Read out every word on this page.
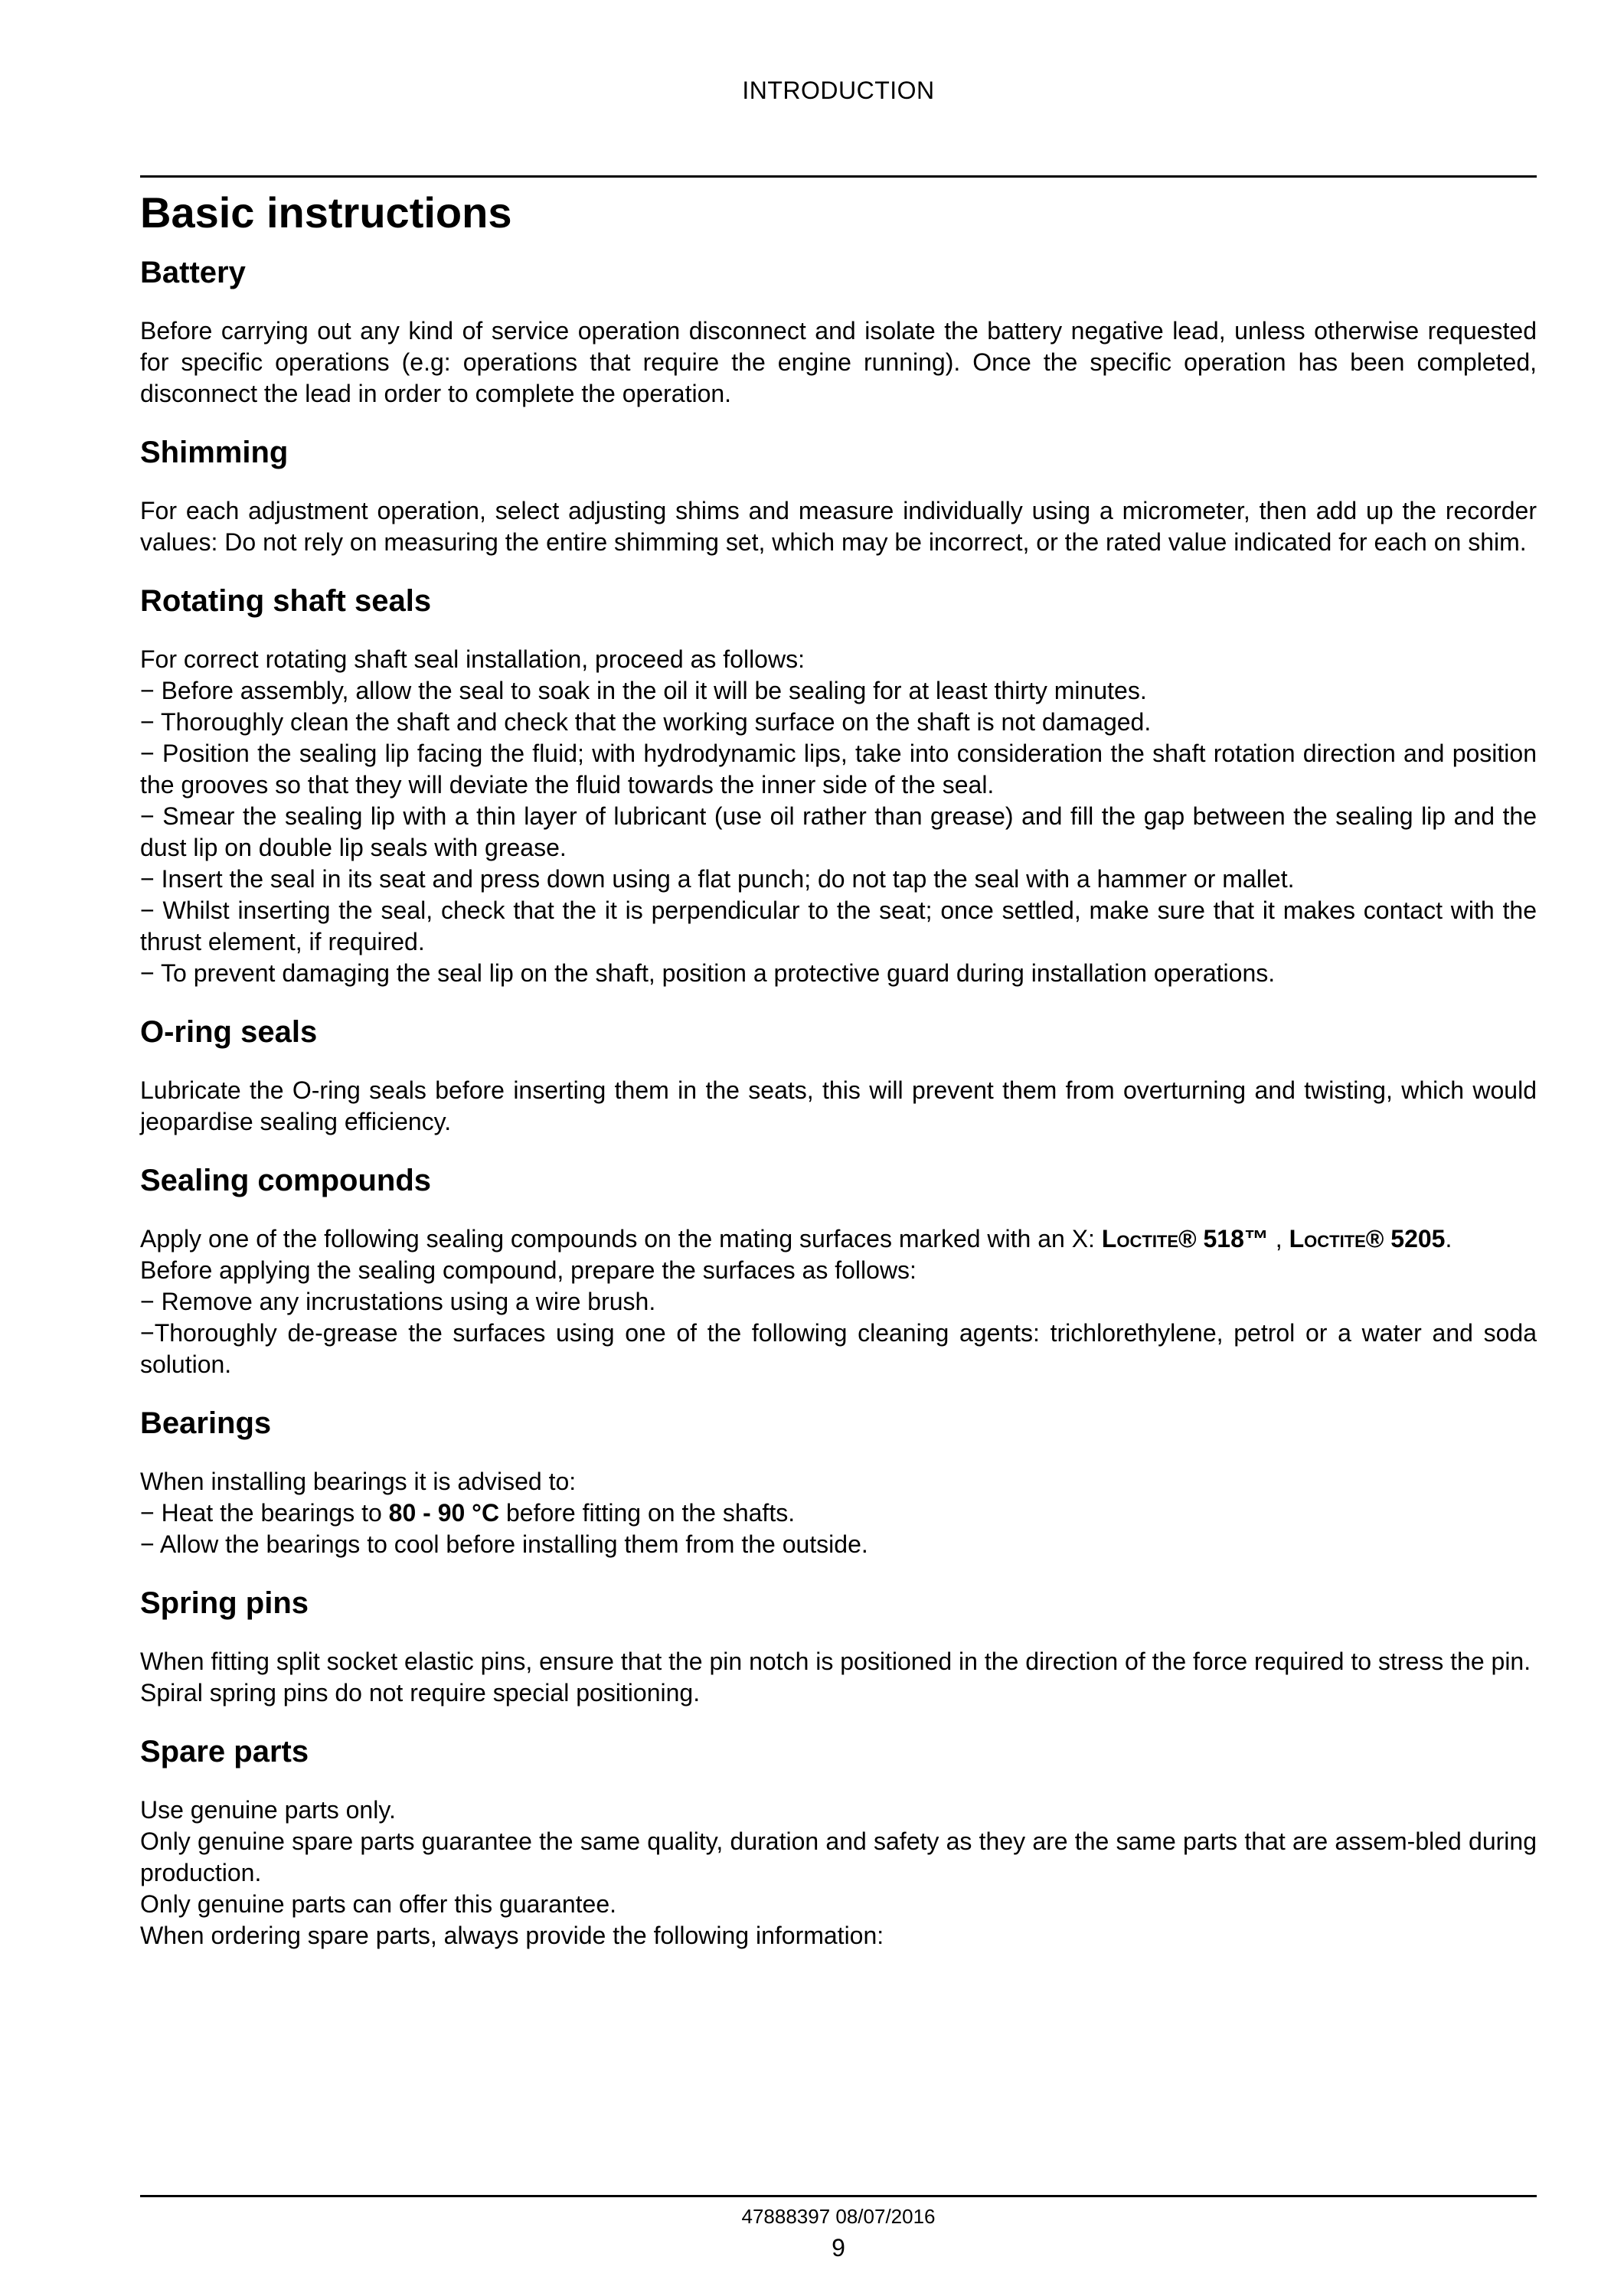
INTRODUCTION
Basic instructions
Battery

Before carrying out any kind of service operation disconnect and isolate the battery negative lead, unless otherwise requested for specific operations (e.g: operations that require the engine running). Once the specific operation has been completed, disconnect the lead in order to complete the operation.

Shimming

For each adjustment operation, select adjusting shims and measure individually using a micrometer, then add up the recorder values: Do not rely on measuring the entire shimming set, which may be incorrect, or the rated value indicated for each on shim.

Rotating shaft seals
For correct rotating shaft seal installation, proceed as follows:
− Before assembly, allow the seal to soak in the oil it will be sealing for at least thirty minutes.
− Thoroughly clean the shaft and check that the working surface on the shaft is not damaged.
− Position the sealing lip facing the fluid; with hydrodynamic lips, take into consideration the shaft rotation direction and position the grooves so that they will deviate the fluid towards the inner side of the seal.
− Smear the sealing lip with a thin layer of lubricant (use oil rather than grease) and fill the gap between the sealing lip and the dust lip on double lip seals with grease.
− Insert the seal in its seat and press down using a flat punch; do not tap the seal with a hammer or mallet.
− Whilst inserting the seal, check that the it is perpendicular to the seat; once settled, make sure that it makes contact with the thrust element, if required.
− To prevent damaging the seal lip on the shaft, position a protective guard during installation operations.
O-ring seals

Lubricate the O-ring seals before inserting them in the seats, this will prevent them from overturning and twisting, which would jeopardise sealing efficiency.

Sealing compounds
Apply one of the following sealing compounds on the mating surfaces marked with an X: Loctite® 518™ , Loctite® 5205.
Before applying the sealing compound, prepare the surfaces as follows:
− Remove any incrustations using a wire brush.
−Thoroughly de-grease the surfaces using one of the following cleaning agents: trichlorethylene, petrol or a water and soda solution.
Bearings
When installing bearings it is advised to:
− Heat the bearings to 80 - 90 °C before fitting on the shafts.
− Allow the bearings to cool before installing them from the outside.
Spring pins
When fitting split socket elastic pins, ensure that the pin notch is positioned in the direction of the force required to stress the pin.
Spiral spring pins do not require special positioning.
Spare parts
Use genuine parts only.
Only genuine spare parts guarantee the same quality, duration and safety as they are the same parts that are assem-bled during production.
Only genuine parts can offer this guarantee.
When ordering spare parts, always provide the following information:
47888397 08/07/2016
9
